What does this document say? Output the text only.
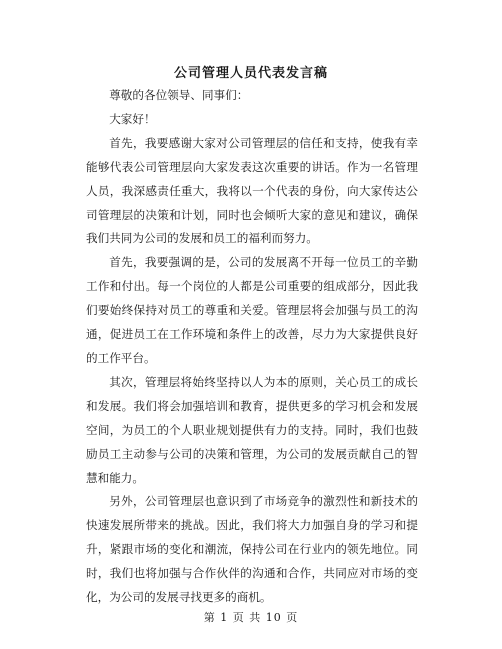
公司管理人员代表发言稿

尊敬的各位领导、同事们：

大家好！

首先，我要感谢大家对公司管理层的信任和支持，使我有幸能够代表公司管理层向大家发表这次重要的讲话。作为一名管理人员，我深感责任重大，我将以一个代表的身份，向大家传达公司管理层的决策和计划，同时也会倾听大家的意见和建议，确保我们共同为公司的发展和员工的福利而努力。

首先，我要强调的是，公司的发展离不开每一位员工的辛勤工作和付出。每一个岗位的人都是公司重要的组成部分，因此我们要始终保持对员工的尊重和关爱。管理层将会加强与员工的沟通，促进员工在工作环境和条件上的改善，尽力为大家提供良好的工作平台。

其次，管理层将始终坚持以人为本的原则，关心员工的成长和发展。我们将会加强培训和教育，提供更多的学习机会和发展空间，为员工的个人职业规划提供有力的支持。同时，我们也鼓励员工主动参与公司的决策和管理，为公司的发展贡献自己的智慧和能力。

另外，公司管理层也意识到了市场竞争的激烈性和新技术的快速发展所带来的挑战。因此，我们将大力加强自身的学习和提升，紧跟市场的变化和潮流，保持公司在行业内的领先地位。同时，我们也将加强与合作伙伴的沟通和合作，共同应对市场的变化，为公司的发展寻找更多的商机。

第 1 页 共 10 页
